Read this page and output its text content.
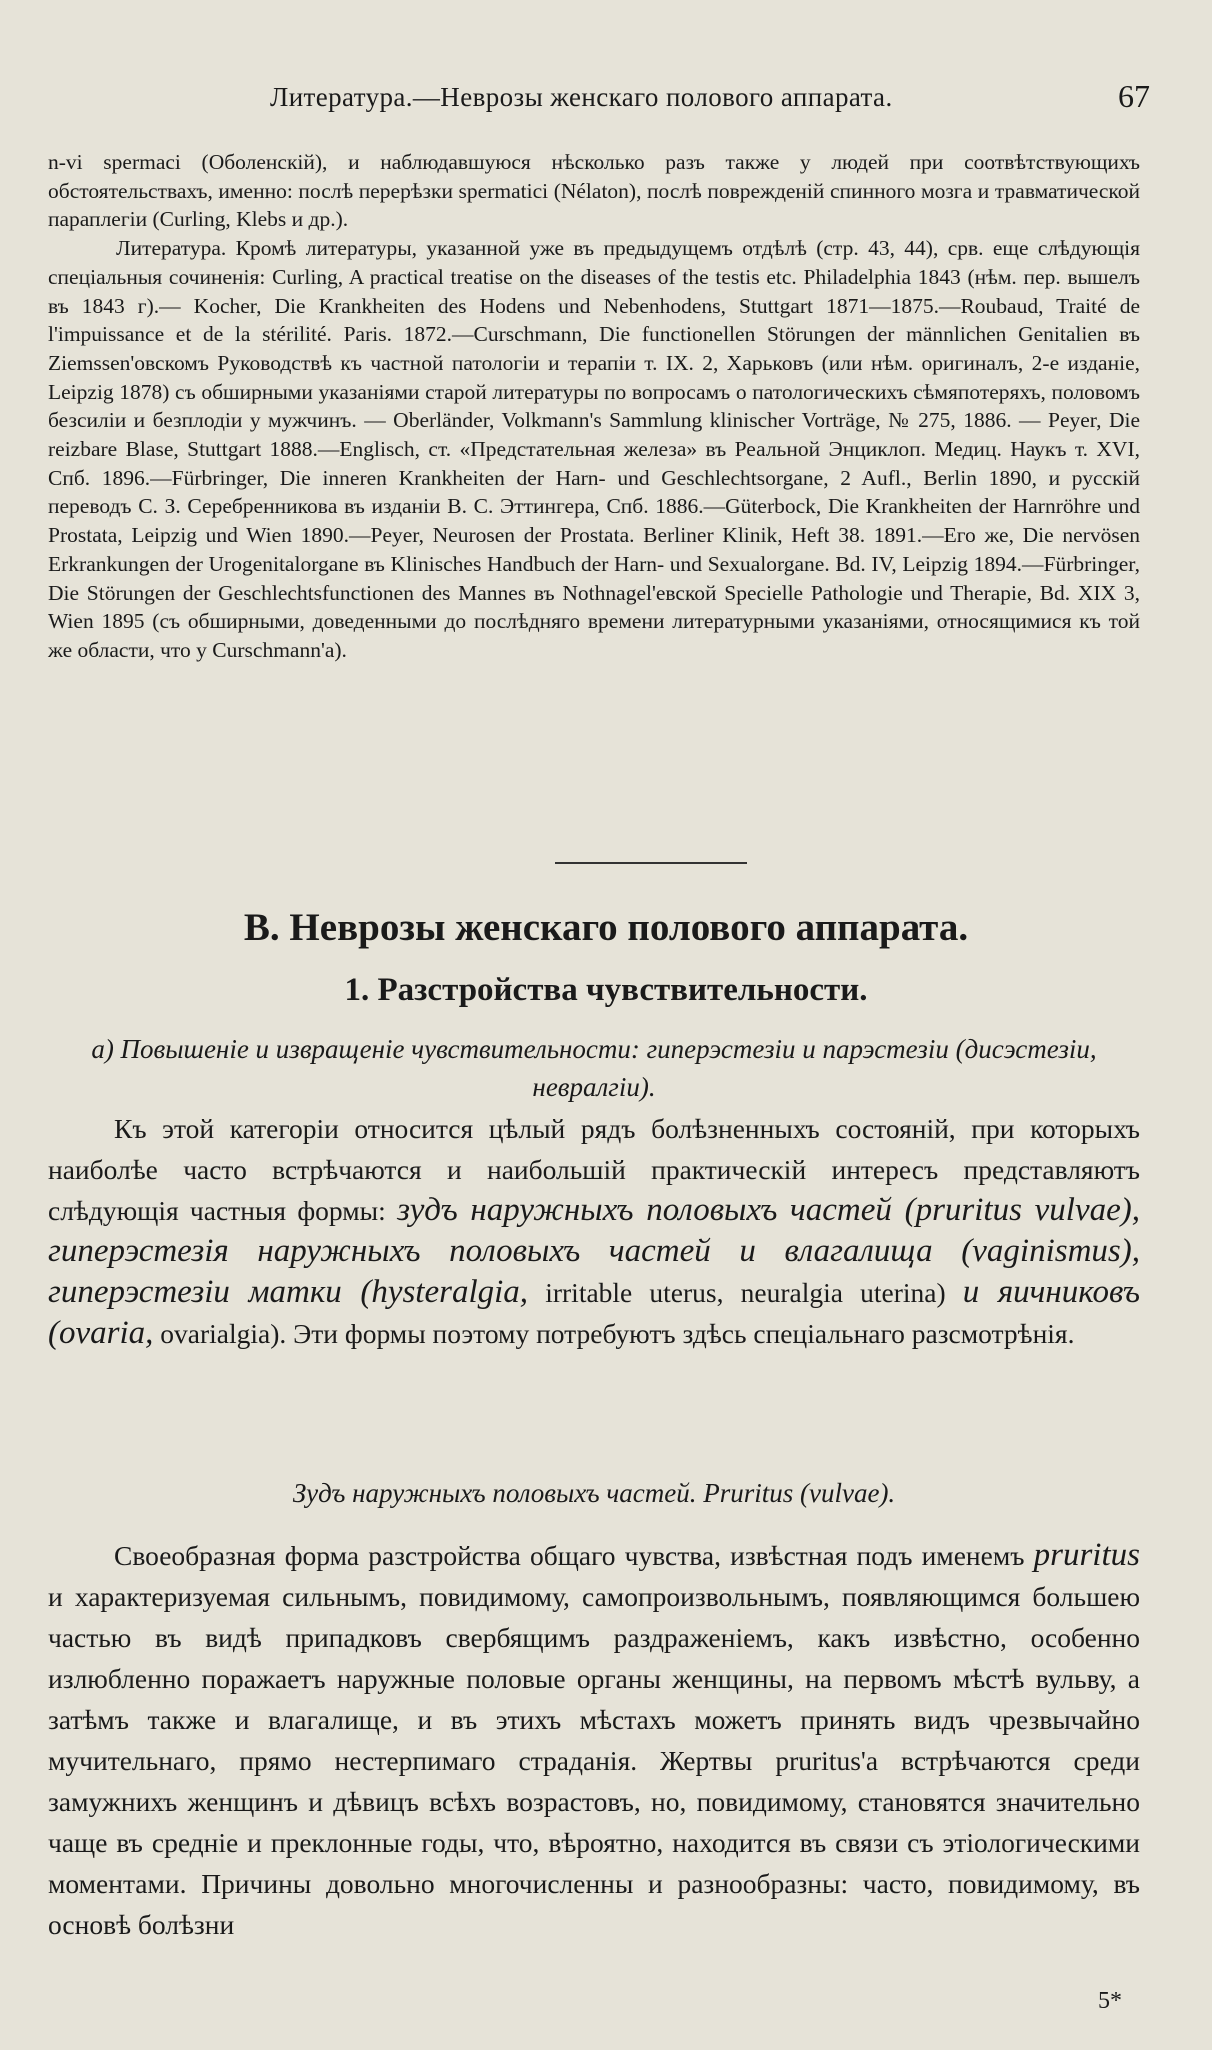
Литература.—Неврозы женскаго полового аппарата.	67

n-vi spermaci (Оболенскій), и наблюдавшуюся нѣсколько разъ также у людей при соотвѣтствующихъ обстоятельствахъ, именно: послѣ перерѣзки spermatici (Nélaton), послѣ поврежденій спинного мозга и травматической параплегіи (Curling, Klebs и др.).

Литература. Кромѣ литературы, указанной уже въ предыдущемъ отдѣлѣ (стр. 43, 44), срв. еще слѣдующія спеціальныя сочиненія: Curling, A practical treatise on the diseases of the testis etc. Philadelphia 1843 (нѣм. пер. вышелъ въ 1843 г).— Kocher, Die Krankheiten des Hodens und Nebenhodens, Stuttgart 1871—1875.—Roubaud, Traité de l'impuissance et de la stérilité. Paris. 1872.—Curschmann, Die functionellen Störungen der männlichen Genitalien въ Ziemssen'овскомъ Руководствѣ къ частной патологіи и терапіи т. IX. 2, Харьковъ (или нѣм. оригиналъ, 2-е изданіе, Leipzig 1878) съ обширными указаніями старой литературы по вопросамъ о патологическихъ сѣмяпотеряхъ, половомъ безсиліи и безплодіи у мужчинъ. — Oberländer, Volkmann's Sammlung klinischer Vorträge, № 275, 1886. — Peyer, Die reizbare Blase, Stuttgart 1888.—Englisch, ст. «Предстательная железа» въ Реальной Энциклоп. Медиц. Наукъ т. XVI, Спб. 1896.—Fürbringer, Die inneren Krankheiten der Harn- und Geschlechtsorgane, 2 Aufl., Berlin 1890, и русскій переводъ С. З. Серебренниковa въ изданіи В. С. Эттингера, Спб. 1886.—Güterbock, Die Krankheiten der Harnröhre und Prostata, Leipzig und Wien 1890.—Peyer, Neurosen der Prostata. Berliner Klinik, Heft 38. 1891.—Его же, Die nervösen Erkrankungen der Urogenitalorgane въ Klinisches Handbuch der Harn- und Sexualorgane. Bd. IV, Leipzig 1894.—Fürbringer, Die Störungen der Geschlechtsfunctionen des Mannes въ Nothnagel'евской Specielle Pathologie und Therapie, Bd. XIX 3, Wien 1895 (съ обширными, доведенными до послѣдняго времени литературными указаніями, относящимися къ той же области, что у Curschmann'a).

B. Неврозы женскаго полового аппарата.
1. Разстройства чувствительности.
а) Повышеніе и извращеніе чувствительности: гиперэстезіи и парэстезіи (дисэстезіи, невралгіи).

Къ этой категоріи относится цѣлый рядъ болѣзненныхъ состояній, при которыхъ наиболѣе часто встрѣчаются и наибольшій практическій интересъ представляютъ слѣдующія частныя формы: зудъ наружныхъ половыхъ частей (pruritus vulvae), гиперэстезія наружныхъ половыхъ частей и влагалища (vaginismus), гиперэстезіи матки (hysteralgia, irritable uterus, neuralgia uterina) и яичниковъ (ovaria, ovarialgia). Эти формы поэтому потребуютъ здѣсь спеціальнаго разсмотрѣнія.

Зудъ наружныхъ половыхъ частей. Pruritus (vulvae).

Своеобразная форма разстройства общаго чувства, извѣстная подъ именемъ pruritus и характеризуемая сильнымъ, повидимому, самопроизвольнымъ, появляющимся большею частью въ видѣ припадковъ свербящимъ раздраженіемъ, какъ извѣстно, особенно излюбленно поражаетъ наружные половые органы женщины, на первомъ мѣстѣ вульву, а затѣмъ также и влагалище, и въ этихъ мѣстахъ можетъ принять видъ чрезвычайно мучительнаго, прямо нестерпимаго страданія. Жертвы pruritus'a встрѣчаются среди замужнихъ женщинъ и дѣвицъ всѣхъ возрастовъ, но, повидимому, становятся значительно чаще въ средніе и преклонные годы, что, вѣроятно, находится въ связи съ этіологическими моментами. Причины довольно многочисленны и разнообразны: часто, повидимому, въ основѣ болѣзни

5*
